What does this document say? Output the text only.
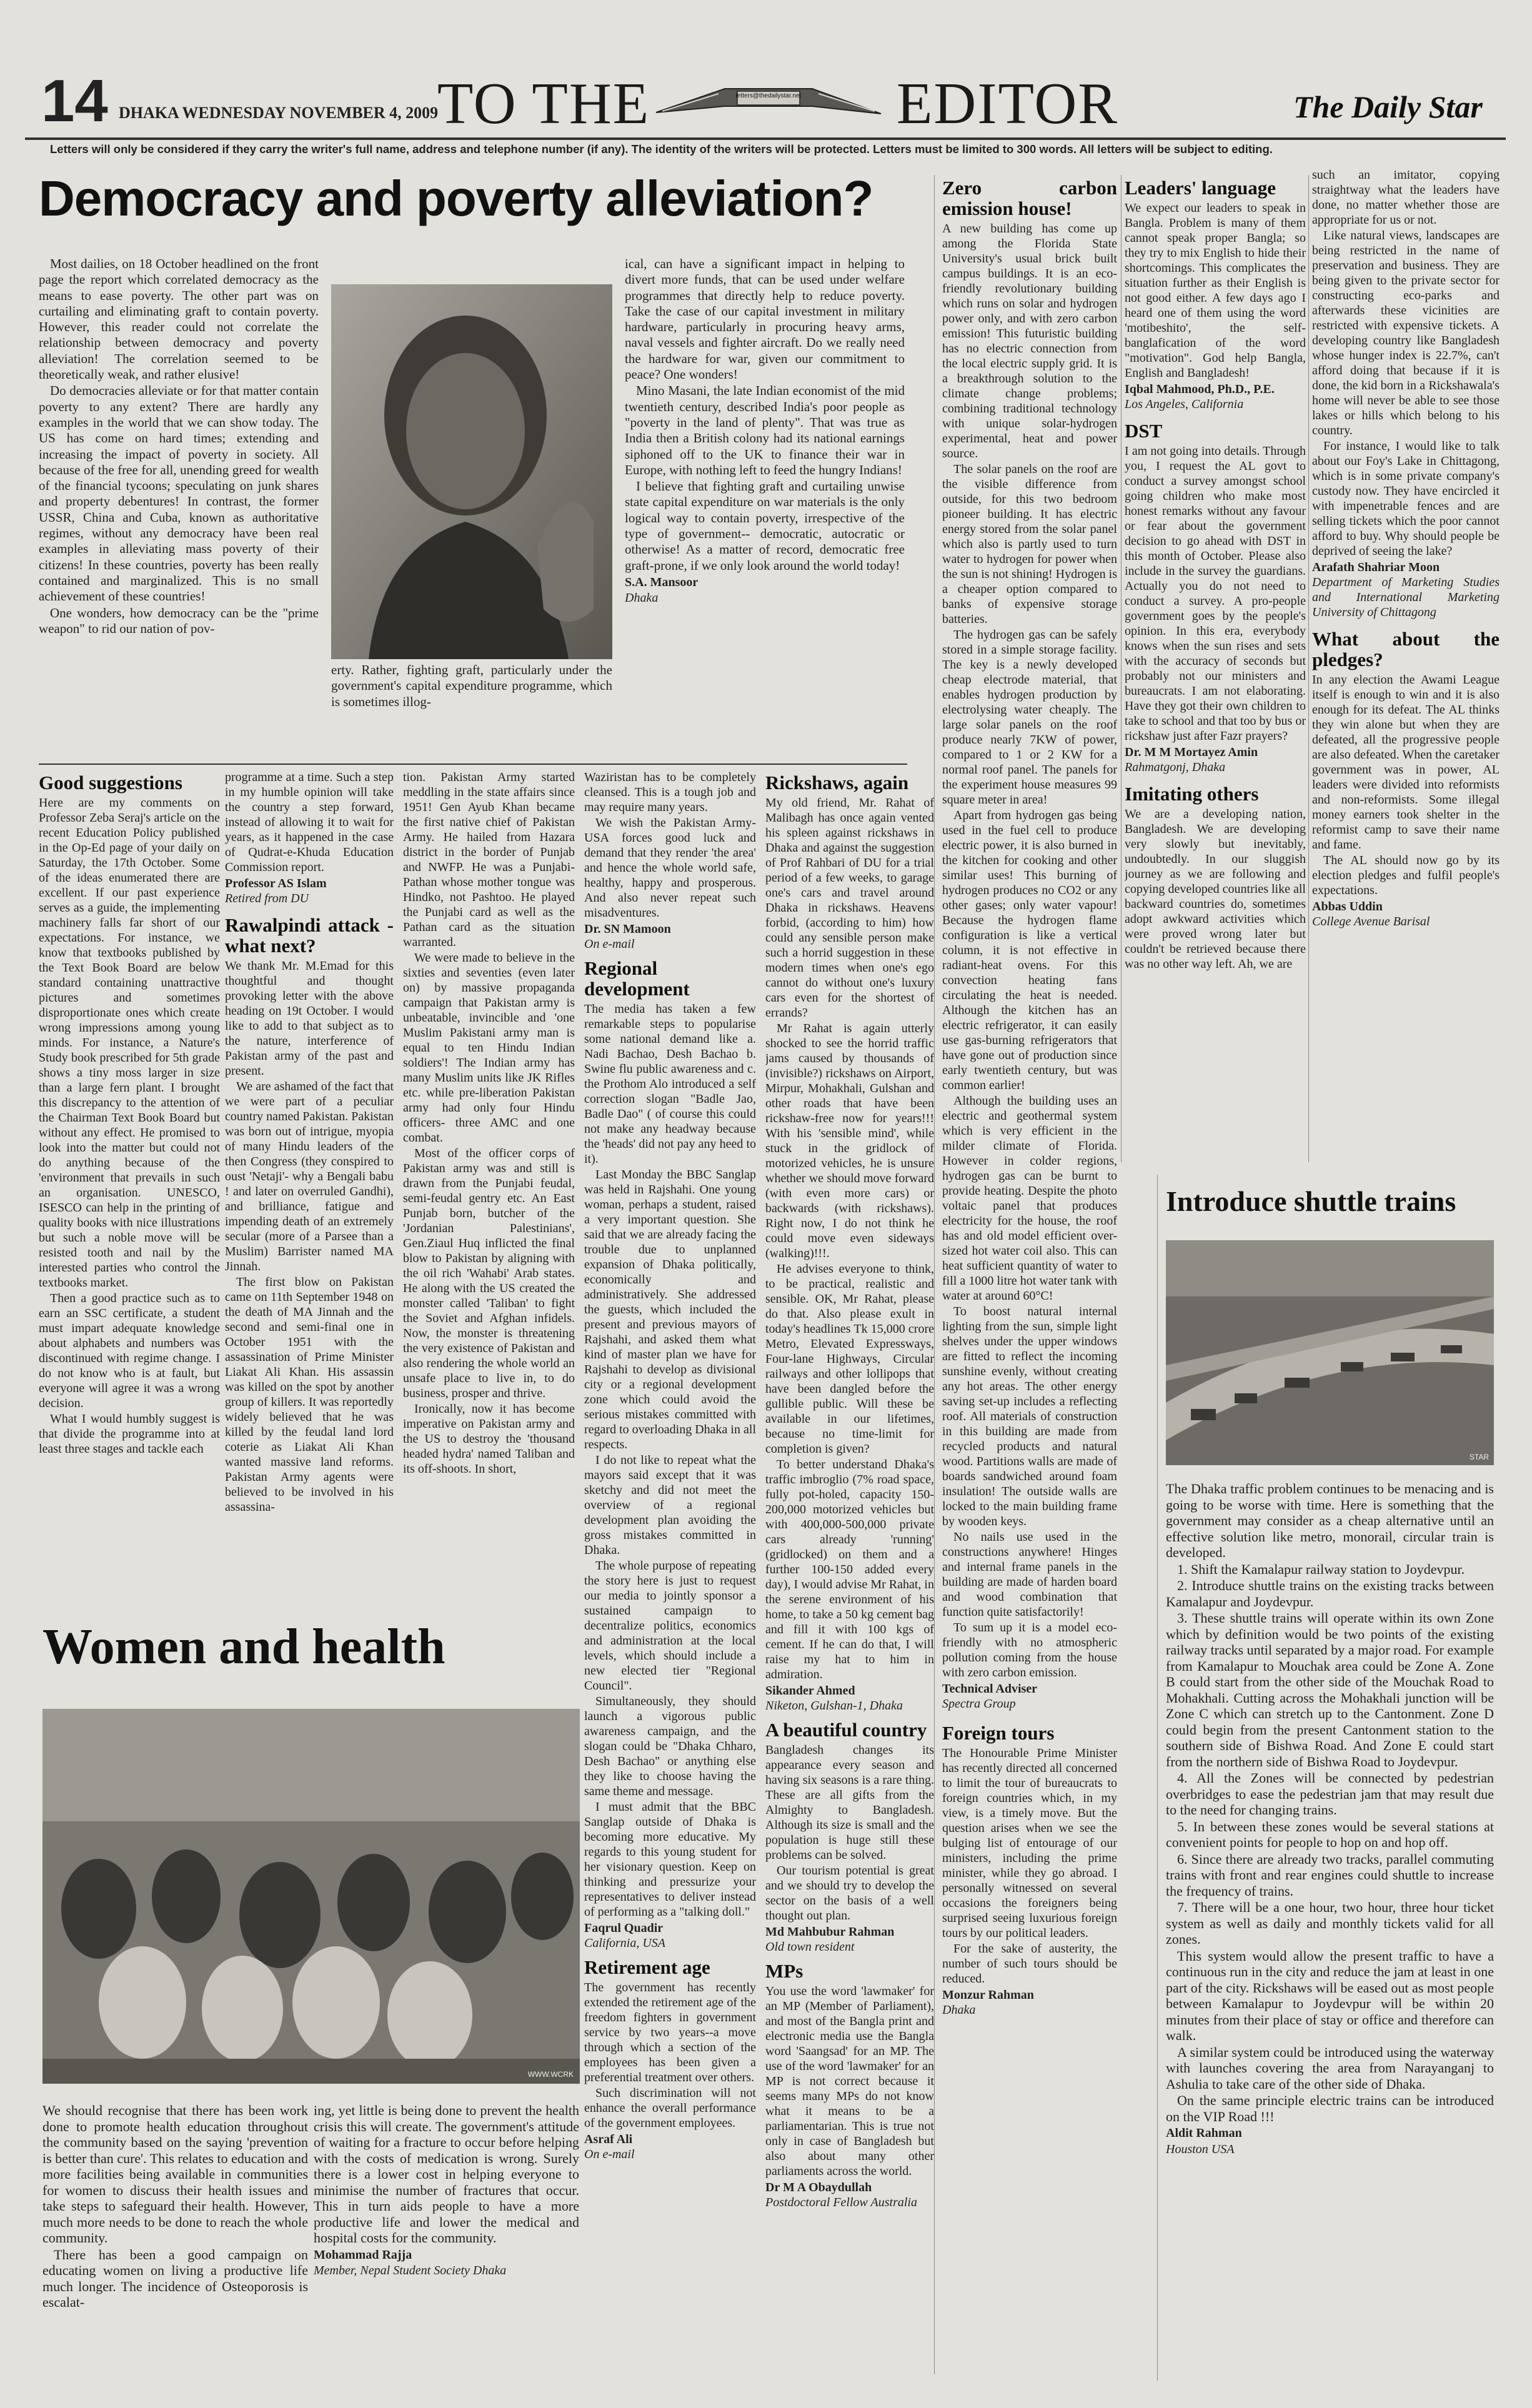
14 DHAKA WEDNESDAY NOVEMBER 4, 2009
TO THE	letters@thedailystar.net EDITOR	The Daily Star
Letters will only be considered if they carry the writer's full name, address and telephone number (if any). The identity of the writers will be protected. Letters must be limited to 300 words. All letters will be subject to editing.
Democracy and poverty alleviation?

Most dailies, on 18 October headlined on the front page the report which correlated democracy as the means to ease poverty. The other part was on curtailing and eliminating graft to contain poverty. However, this reader could not correlate the relationship between democracy and poverty alleviation! The correlation seemed to be theoretically weak, and rather elusive!

Do democracies alleviate or for that matter contain poverty to any extent? There are hardly any examples in the world that we can show today. The US has come on hard times; extending and increasing the impact of poverty in society. All because of the free for all, unending greed for wealth of the financial tycoons; speculating on junk shares and property debentures! In contrast, the former USSR, China and Cuba, known as authoritative regimes, without any democracy have been real examples in alleviating mass poverty of their citizens! In these countries, poverty has been really contained and marginalized. This is no small achievement of these countries!

One wonders, how democracy can be the "prime weapon" to rid our nation of pov-

erty. Rather, fighting graft, particularly under the government's capital expenditure programme, which is sometimes illog-

ical, can have a significant impact in helping to divert more funds, that can be used under welfare programmes that directly help to reduce poverty. Take the case of our capital investment in military hardware, particularly in procuring heavy arms, naval vessels and fighter aircraft. Do we really need the hardware for war, given our commitment to peace? One wonders!

Mino Masani, the late Indian economist of the mid twentieth century, described India's poor people as "poverty in the land of plenty". That was true as India then a British colony had its national earnings siphoned off to the UK to finance their war in Europe, with nothing left to feed the hungry Indians!

I believe that fighting graft and curtailing unwise state capital expenditure on war materials is the only logical way to contain poverty, irrespective of the type of government-- democratic, autocratic or otherwise! As a matter of record, democratic free graft-prone, if we only look around the world today!

S.A. Mansoor

Dhaka

Zero carbon emission house!

A new building has come up among the Florida State University's usual brick built campus buildings. It is an eco-friendly revolutionary building which runs on solar and hydrogen power only, and with zero carbon emission! This futuristic building has no electric connection from the local electric supply grid. It is a breakthrough solution to the climate change problems; combining traditional technology with unique solar-hydrogen experimental, heat and power source.

The solar panels on the roof are the visible difference from outside, for this two bedroom pioneer building. It has electric energy stored from the solar panel which also is partly used to turn water to hydrogen for power when the sun is not shining! Hydrogen is a cheaper option compared to banks of expensive storage batteries.

The hydrogen gas can be safely stored in a simple storage facility. The key is a newly developed cheap electrode material, that enables hydrogen production by electrolysing water cheaply. The large solar panels on the roof produce nearly 7KW of power, compared to 1 or 2 KW for a normal roof panel. The panels for the experiment house measures 99 square meter in area!

Apart from hydrogen gas being used in the fuel cell to produce electric power, it is also burned in the kitchen for cooking and other similar uses! This burning of hydrogen produces no CO2 or any other gases; only water vapour! Because the hydrogen flame configuration is like a vertical column, it is not effective in radiant-heat ovens. For this convection heating fans circulating the heat is needed. Although the kitchen has an electric refrigerator, it can easily use gas-burning refrigerators that have gone out of production since early twentieth century, but was common earlier!

Although the building uses an electric and geothermal system which is very efficient in the milder climate of Florida. However in colder regions, hydrogen gas can be burnt to provide heating. Despite the photo voltaic panel that produces electricity for the house, the roof has and old model efficient over-sized hot water coil also. This can heat sufficient quantity of water to fill a 1000 litre hot water tank with water at around 60°C!

To boost natural internal lighting from the sun, simple light shelves under the upper windows are fitted to reflect the incoming sunshine evenly, without creating any hot areas. The other energy saving set-up includes a reflecting roof. All materials of construction in this building are made from recycled products and natural wood. Partitions walls are made of boards sandwiched around foam insulation! The outside walls are locked to the main building frame by wooden keys.

No nails use used in the constructions anywhere! Hinges and internal frame panels in the building are made of harden board and wood combination that function quite satisfactorily!

To sum up it is a model eco-friendly with no atmospheric pollution coming from the house with zero carbon emission.

Technical Adviser

Spectra Group

Foreign tours

The Honourable Prime Minister has recently directed all concerned to limit the tour of bureaucrats to foreign countries which, in my view, is a timely move. But the question arises when we see the bulging list of entourage of our ministers, including the prime minister, while they go abroad. I personally witnessed on several occasions the foreigners being surprised seeing luxurious foreign tours by our political leaders.

For the sake of austerity, the number of such tours should be reduced.

Monzur Rahman

Dhaka

Leaders' language

We expect our leaders to speak in Bangla. Problem is many of them cannot speak proper Bangla; so they try to mix English to hide their shortcomings. This complicates the situation further as their English is not good either. A few days ago I heard one of them using the word 'motibeshito', the self-banglafication of the word "motivation". God help Bangla, English and Bangladesh!

Iqbal Mahmood, Ph.D., P.E.

Los Angeles, California

DST

I am not going into details. Through you, I request the AL govt to conduct a survey amongst school going children who make most honest remarks without any favour or fear about the government decision to go ahead with DST in this month of October. Please also include in the survey the guardians. Actually you do not need to conduct a survey. A pro-people government goes by the people's opinion. In this era, everybody knows when the sun rises and sets with the accuracy of seconds but probably not our ministers and bureaucrats. I am not elaborating. Have they got their own children to take to school and that too by bus or rickshaw just after Fazr prayers?

Dr. M M Mortayez Amin

Rahmatgonj, Dhaka

Imitating others

We are a developing nation, Bangladesh. We are developing very slowly but inevitably, undoubtedly. In our sluggish journey as we are following and copying developed countries like all backward countries do, sometimes adopt awkward activities which were proved wrong later but couldn't be retrieved because there was no other way left. Ah, we are

such an imitator, copying straightway what the leaders have done, no matter whether those are appropriate for us or not.

Like natural views, landscapes are being restricted in the name of preservation and business. They are being given to the private sector for constructing eco-parks and afterwards these vicinities are restricted with expensive tickets. A developing country like Bangladesh whose hunger index is 22.7%, can't afford doing that because if it is done, the kid born in a Rickshawala's home will never be able to see those lakes or hills which belong to his country.

For instance, I would like to talk about our Foy's Lake in Chittagong, which is in some private company's custody now. They have encircled it with impenetrable fences and are selling tickets which the poor cannot afford to buy. Why should people be deprived of seeing the lake?

Arafath Shahriar Moon

Department of Marketing Studies and International Marketing University of Chittagong

What about the pledges?

In any election the Awami League itself is enough to win and it is also enough for its defeat. The AL thinks they win alone but when they are defeated, all the progressive people are also defeated. When the caretaker government was in power, AL leaders were divided into reformists and non-reformists. Some illegal money earners took shelter in the reformist camp to save their name and fame.

The AL should now go by its election pledges and fulfil people's expectations.

Abbas Uddin

College Avenue Barisal

Introduce shuttle trains
STAR

The Dhaka traffic problem continues to be menacing and is going to be worse with time. Here is something that the government may consider as a cheap alternative until an effective solution like metro, monorail, circular train is developed.

1. Shift the Kamalapur railway station to Joydevpur.

2. Introduce shuttle trains on the existing tracks between Kamalapur and Joydevpur.

3. These shuttle trains will operate within its own Zone which by definition would be two points of the existing railway tracks until separated by a major road. For example from Kamalapur to Mouchak area could be Zone A. Zone B could start from the other side of the Mouchak Road to Mohakhali. Cutting across the Mohakhali junction will be Zone C which can stretch up to the Cantonment. Zone D could begin from the present Cantonment station to the southern side of Bishwa Road. And Zone E could start from the northern side of Bishwa Road to Joydevpur.

4. All the Zones will be connected by pedestrian overbridges to ease the pedestrian jam that may result due to the need for changing trains.

5. In between these zones would be several stations at convenient points for people to hop on and hop off.

6. Since there are already two tracks, parallel commuting trains with front and rear engines could shuttle to increase the frequency of trains.

7. There will be a one hour, two hour, three hour ticket system as well as daily and monthly tickets valid for all zones.

This system would allow the present traffic to have a continuous run in the city and reduce the jam at least in one part of the city. Rickshaws will be eased out as most people between Kamalapur to Joydevpur will be within 20 minutes from their place of stay or office and therefore can walk.

A similar system could be introduced using the waterway with launches covering the area from Narayanganj to Ashulia to take care of the other side of Dhaka.

On the same principle electric trains can be introduced on the VIP Road !!!

Aldit Rahman

Houston USA

Good suggestions

Here are my comments on Professor Zeba Seraj's article on the recent Education Policy published in the Op-Ed page of your daily on Saturday, the 17th October. Some of the ideas enumerated there are excellent. If our past experience serves as a guide, the implementing machinery falls far short of our expectations. For instance, we know that textbooks published by the Text Book Board are below standard containing unattractive pictures and sometimes disproportionate ones which create wrong impressions among young minds. For instance, a Nature's Study book prescribed for 5th grade shows a tiny moss larger in size than a large fern plant. I brought this discrepancy to the attention of the Chairman Text Book Board but without any effect. He promised to look into the matter but could not do anything because of the 'environment that prevails in such an organisation. UNESCO, ISESCO can help in the printing of quality books with nice illustrations but such a noble move will be resisted tooth and nail by the interested parties who control the textbooks market.

Then a good practice such as to earn an SSC certificate, a student must impart adequate knowledge about alphabets and numbers was discontinued with regime change. I do not know who is at fault, but everyone will agree it was a wrong decision.

What I would humbly suggest is that divide the programme into at least three stages and tackle each

programme at a time. Such a step in my humble opinion will take the country a step forward, instead of allowing it to wait for years, as it happened in the case of Qudrat-e-Khuda Education Commission report.

Professor AS Islam

Retired from DU

Rawalpindi attack - what next?

We thank Mr. M.Emad for this thoughtful and thought provoking letter with the above heading on 19t October. I would like to add to that subject as to the nature, interference of Pakistan army of the past and present.

We are ashamed of the fact that we were part of a peculiar country named Pakistan. Pakistan was born out of intrigue, myopia of many Hindu leaders of the then Congress (they conspired to oust 'Netaji'- why a Bengali babu ! and later on overruled Gandhi), and brilliance, fatigue and impending death of an extremely secular (more of a Parsee than a Muslim) Barrister named MA Jinnah.

The first blow on Pakistan came on 11th September 1948 on the death of MA Jinnah and the second and semi-final one in October 1951 with the assassination of Prime Minister Liakat Ali Khan. His assassin was killed on the spot by another group of killers. It was reportedly widely believed that he was killed by the feudal land lord coterie as Liakat Ali Khan wanted massive land reforms. Pakistan Army agents were believed to be involved in his assassina-

tion. Pakistan Army started meddling in the state affairs since 1951! Gen Ayub Khan became the first native chief of Pakistan Army. He hailed from Hazara district in the border of Punjab and NWFP. He was a Punjabi-Pathan whose mother tongue was Hindko, not Pashtoo. He played the Punjabi card as well as the Pathan card as the situation warranted.

We were made to believe in the sixties and seventies (even later on) by massive propaganda campaign that Pakistan army is unbeatable, invincible and 'one Muslim Pakistani army man is equal to ten Hindu Indian soldiers'! The Indian army has many Muslim units like JK Rifles etc. while pre-liberation Pakistan army had only four Hindu officers- three AMC and one combat.

Most of the officer corps of Pakistan army was and still is drawn from the Punjabi feudal, semi-feudal gentry etc. An East Punjab born, butcher of the 'Jordanian Palestinians', Gen.Ziaul Huq inflicted the final blow to Pakistan by aligning with the oil rich 'Wahabi' Arab states. He along with the US created the monster called 'Taliban' to fight the Soviet and Afghan infidels. Now, the monster is threatening the very existence of Pakistan and also rendering the whole world an unsafe place to live in, to do business, prosper and thrive.

Ironically, now it has become imperative on Pakistan army and the US to destroy the 'thousand headed hydra' named Taliban and its off-shoots. In short,

Waziristan has to be completely cleansed. This is a tough job and may require many years.

We wish the Pakistan Army-USA forces good luck and demand that they render 'the area' and hence the whole world safe, healthy, happy and prosperous. And also never repeat such misadventures.

Dr. SN Mamoon

On e-mail

Regional development

The media has taken a few remarkable steps to popularise some national demand like a. Nadi Bachao, Desh Bachao b. Swine flu public awareness and c. the Prothom Alo introduced a self correction slogan "Badle Jao, Badle Dao" ( of course this could not make any headway because the 'heads' did not pay any heed to it).

Last Monday the BBC Sanglap was held in Rajshahi. One young woman, perhaps a student, raised a very important question. She said that we are already facing the trouble due to unplanned expansion of Dhaka politically, economically and administratively. She addressed the guests, which included the present and previous mayors of Rajshahi, and asked them what kind of master plan we have for Rajshahi to develop as divisional city or a regional development zone which could avoid the serious mistakes committed with regard to overloading Dhaka in all respects.

I do not like to repeat what the mayors said except that it was sketchy and did not meet the overview of a regional development plan avoiding the gross mistakes committed in Dhaka.

The whole purpose of repeating the story here is just to request our media to jointly sponsor a sustained campaign to decentralize politics, economics and administration at the local levels, which should include a new elected tier "Regional Council".

Simultaneously, they should launch a vigorous public awareness campaign, and the slogan could be "Dhaka Chharo, Desh Bachao" or anything else they like to choose having the same theme and message.

I must admit that the BBC Sanglap outside of Dhaka is becoming more educative. My regards to this young student for her visionary question. Keep on thinking and pressurize your representatives to deliver instead of performing as a "talking doll."

Faqrul Quadir

California, USA

Retirement age

The government has recently extended the retirement age of the freedom fighters in government service by two years--a move through which a section of the employees has been given a preferential treatment over others.

Such discrimination will not enhance the overall performance of the government employees.

Asraf Ali

On e-mail

Rickshaws, again

My old friend, Mr. Rahat of Malibagh has once again vented his spleen against rickshaws in Dhaka and against the suggestion of Prof Rahbari of DU for a trial period of a few weeks, to garage one's cars and travel around Dhaka in rickshaws. Heavens forbid, (according to him) how could any sensible person make such a horrid suggestion in these modern times when one's ego cannot do without one's luxury cars even for the shortest of errands?

Mr Rahat is again utterly shocked to see the horrid traffic jams caused by thousands of (invisible?) rickshaws on Airport, Mirpur, Mohakhali, Gulshan and other roads that have been rickshaw-free now for years!!! With his 'sensible mind', while stuck in the gridlock of motorized vehicles, he is unsure whether we should move forward (with even more cars) or backwards (with rickshaws). Right now, I do not think he could move even sideways (walking)!!!.

He advises everyone to think, to be practical, realistic and sensible. OK, Mr Rahat, please do that. Also please exult in today's headlines Tk 15,000 crore Metro, Elevated Expressways, Four-lane Highways, Circular railways and other lollipops that have been dangled before the gullible public. Will these be available in our lifetimes, because no time-limit for completion is given?

To better understand Dhaka's traffic imbroglio (7% road space, fully pot-holed, capacity 150-200,000 motorized vehicles but with 400,000-500,000 private cars already 'running' (gridlocked) on them and a further 100-150 added every day), I would advise Mr Rahat, in the serene environment of his home, to take a 50 kg cement bag and fill it with 100 kgs of cement. If he can do that, I will raise my hat to him in admiration.

Sikander Ahmed

Niketon, Gulshan-1, Dhaka

A beautiful country

Bangladesh changes its appearance every season and having six seasons is a rare thing. These are all gifts from the Almighty to Bangladesh. Although its size is small and the population is huge still these problems can be solved.

Our tourism potential is great and we should try to develop the sector on the basis of a well thought out plan.

Md Mahbubur Rahman

Old town resident

MPs

You use the word 'lawmaker' for an MP (Member of Parliament), and most of the Bangla print and electronic media use the Bangla word 'Saangsad' for an MP. The use of the word 'lawmaker' for an MP is not correct because it seems many MPs do not know what it means to be a parliamentarian. This is true not only in case of Bangladesh but also about many other parliaments across the world.

Dr M A Obaydullah

Postdoctoral Fellow Australia

Women and health
WWW.WCRK

We should recognise that there has been work done to promote health education throughout the community based on the saying 'prevention is better than cure'. This relates to education and more facilities being available in communities for women to discuss their health issues and take steps to safeguard their health. However, much more needs to be done to reach the whole community.

There has been a good campaign on educating women on living a productive life much longer. The incidence of Osteoporosis is escalat-

ing, yet little is being done to prevent the health crisis this will create. The government's attitude of waiting for a fracture to occur before helping with the costs of medication is wrong. Surely there is a lower cost in helping everyone to minimise the number of fractures that occur. This in turn aids people to have a more productive life and lower the medical and hospital costs for the community.

Mohammad Rajja

Member, Nepal Student Society Dhaka
